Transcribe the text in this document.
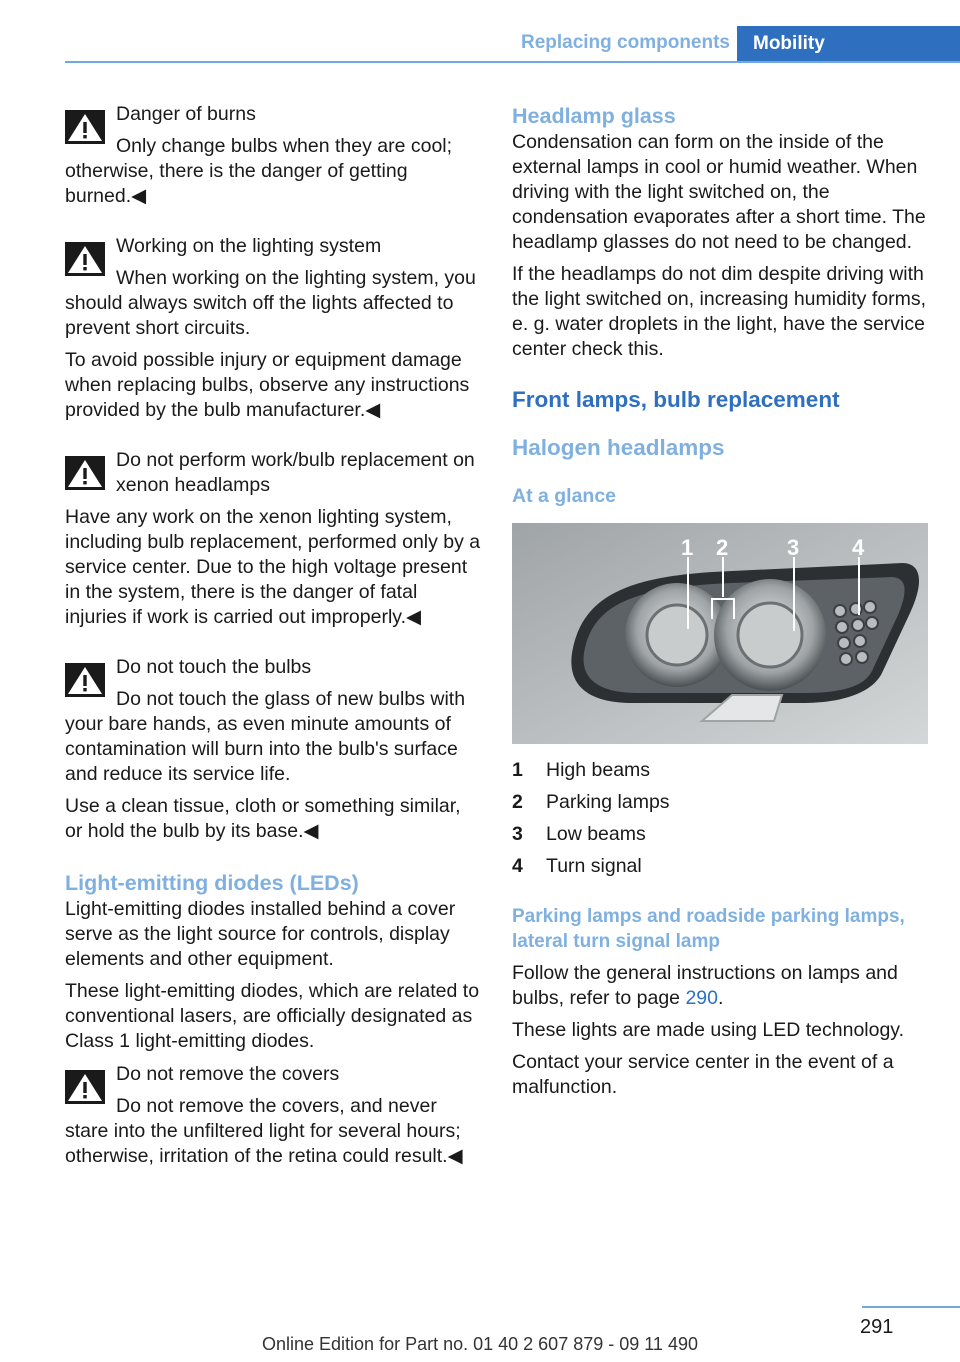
Replacing components	Mobility

Danger of burns

Only change bulbs when they are cool; otherwise, there is the danger of getting burned.◀

Working on the lighting system

When working on the lighting system, you should always switch off the lights affected to prevent short circuits.

To avoid possible injury or equipment damage when replacing bulbs, observe any instructions provided by the bulb manufacturer.◀

Do not perform work/bulb replacement on xenon headlamps

Have any work on the xenon lighting system, including bulb replacement, performed only by a service center. Due to the high voltage present in the system, there is the danger of fatal injuries if work is carried out improperly.◀

Do not touch the bulbs

Do not touch the glass of new bulbs with your bare hands, as even minute amounts of contamination will burn into the bulb's surface and reduce its service life.

Use a clean tissue, cloth or something similar, or hold the bulb by its base.◀

Light-emitting diodes (LEDs)

Light-emitting diodes installed behind a cover serve as the light source for controls, display elements and other equipment.

These light-emitting diodes, which are related to conventional lasers, are officially designated as Class 1 light-emitting diodes.

Do not remove the covers

Do not remove the covers, and never stare into the unfiltered light for several hours; otherwise, irritation of the retina could result.◀

Headlamp glass

Condensation can form on the inside of the external lamps in cool or humid weather. When driving with the light switched on, the condensation evaporates after a short time. The headlamp glasses do not need to be changed.

If the headlamps do not dim despite driving with the light switched on, increasing humidity forms, e. g. water droplets in the light, have the service center check this.

Front lamps, bulb replacement
Halogen headlamps
At a glance
1 2	3 4
1	High beams
2	Parking lamps
3	Low beams
4	Turn signal
Parking lamps and roadside parking lamps, lateral turn signal lamp

Follow the general instructions on lamps and bulbs, refer to page 290.

These lights are made using LED technology.

Contact your service center in the event of a malfunction.

291
Online Edition for Part no. 01 40 2 607 879 - 09 11 490
